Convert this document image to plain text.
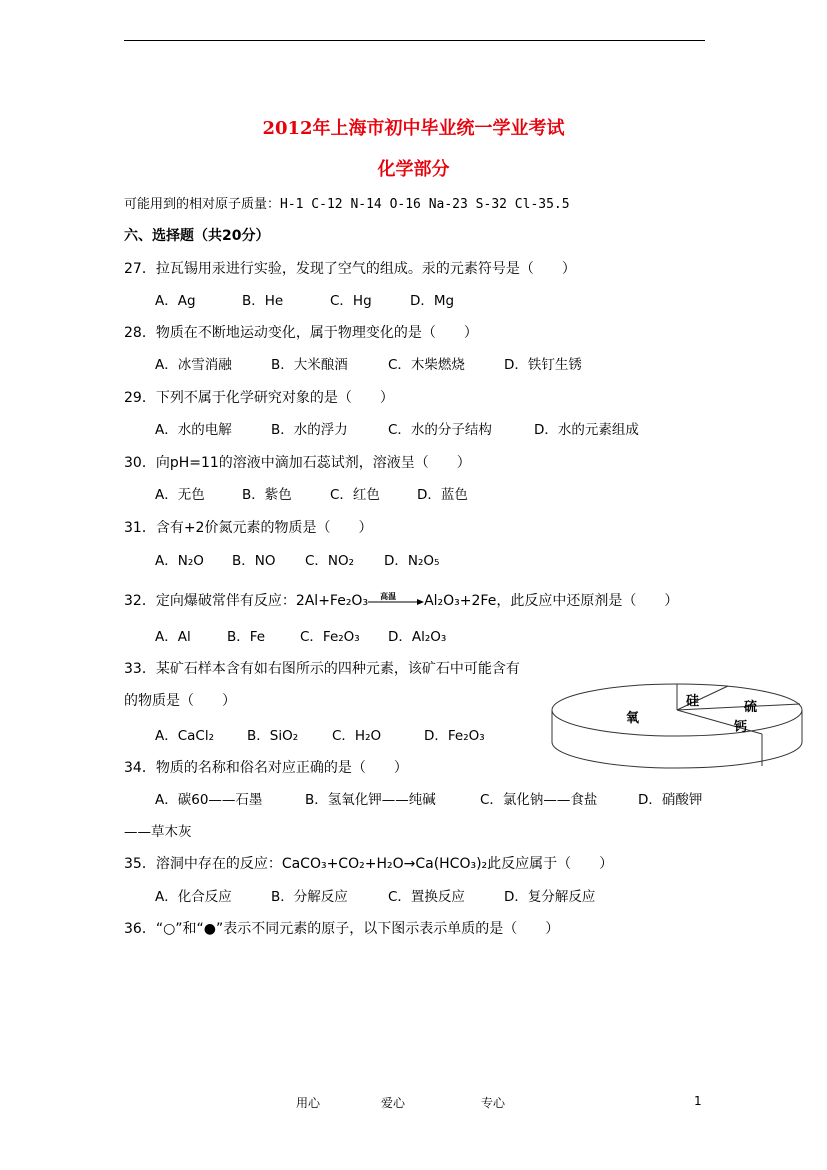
2012年上海市初中毕业统一学业考试
化学部分
可能用到的相对原子质量：H-1 C-12 N-14 O-16 Na-23 S-32 Cl-35.5
六、选择题（共20分）
27．拉瓦锡用汞进行实验，发现了空气的组成。汞的元素符号是（　　）
A．Ag	B．He	C．Hg	D．Mg
28．物质在不断地运动变化，属于物理变化的是（　　）
A．冰雪消融	B．大米酿酒	C．木柴燃烧	D．铁钉生锈
29．下列不属于化学研究对象的是（　　）
A．水的电解	B．水的浮力	C．水的分子结构	D．水的元素组成
30．向pH=11的溶液中滴加石蕊试剂，溶液呈（　　）
A．无色	B．紫色	C．红色	D．蓝色
31．含有+2价氮元素的物质是（　　）
A．N₂O B．NO C．NO₂ D．N₂O₅
32．定向爆破常伴有反应：2Al+Fe₂O₃ 高温 Al₂O₃+2Fe，此反应中还原剂是（　　）
A．Al	B．Fe	C．Fe₂O₃ D．Al₂O₃
33．某矿石样本含有如右图所示的四种元素，该矿石中可能含有
的物质是（　　）
A．CaCl₂ B．SiO₂	C．H₂O	D．Fe₂O₃
氧
硅	硫
钙
34．物质的名称和俗名对应正确的是（　　）
A．碳60——石墨	B．氢氧化钾——纯碱	C．氯化钠——食盐	D．硝酸钾
——草木灰
35．溶洞中存在的反应：CaCO₃+CO₂+H₂O→Ca(HCO₃)₂此反应属于（　　）
A．化合反应	B．分解反应	C．置换反应	D．复分解反应
36．“○”和“●”表示不同元素的原子，以下图示表示单质的是（　　）
用心	爱心	专心	1
